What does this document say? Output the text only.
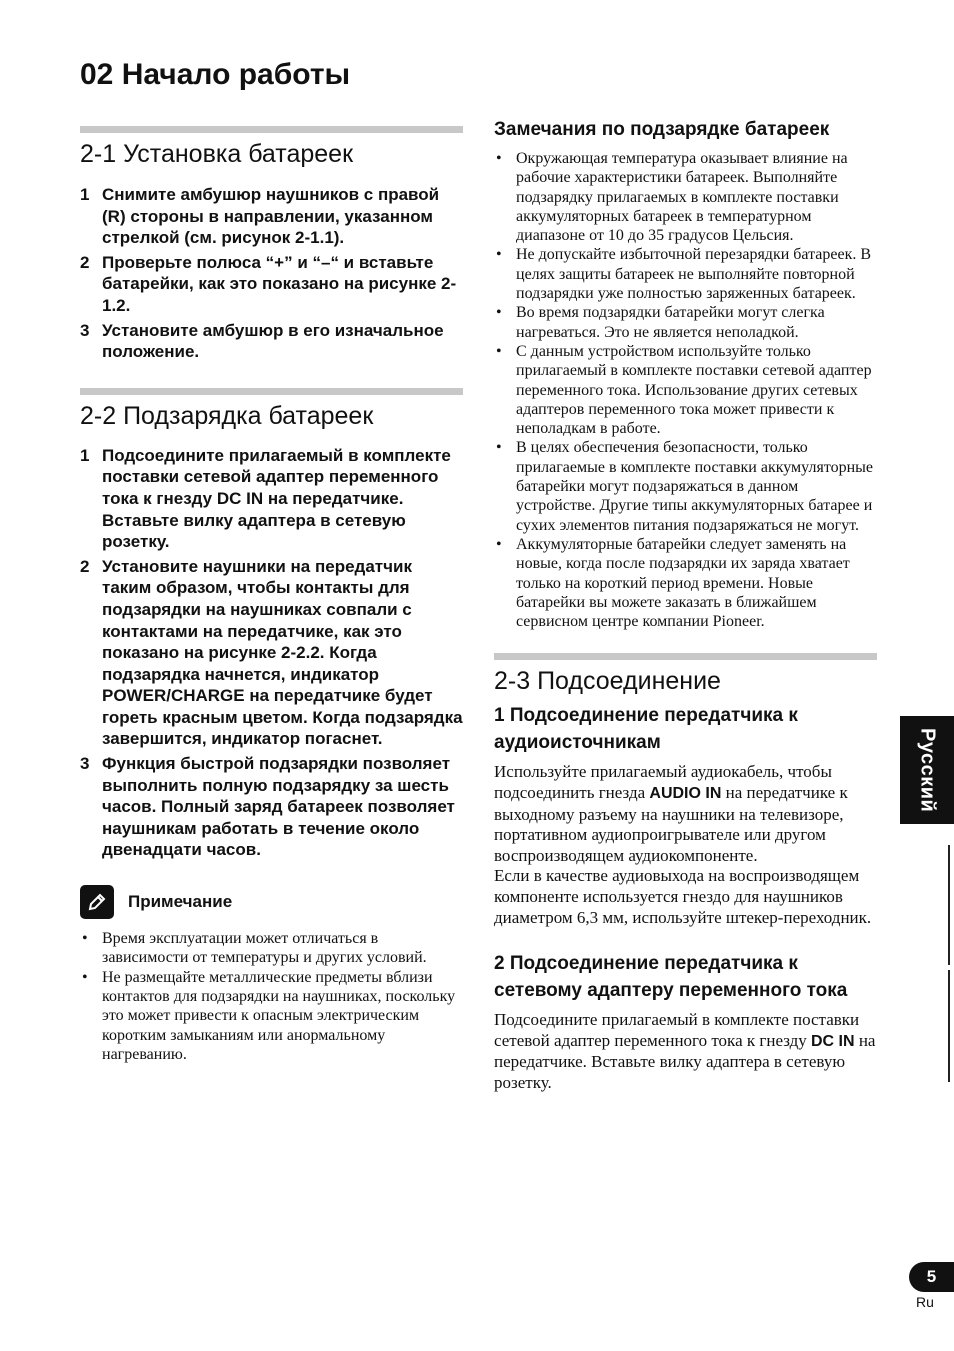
02 Начало работы
2-1 Установка батареек
1 Снимите амбушюр наушников с правой (R) стороны в направлении, указанном стрелкой (см. рисунок 2-1.1).
2 Проверьте полюса “+” и “–“ и вставьте батарейки, как это показано на рисунке 2-1.2.
3 Установите амбушюр в его изначальное положение.
2-2 Подзарядка батареек
1 Подсоедините прилагаемый в комплекте поставки сетевой адаптер переменного тока к гнезду DC IN на передатчике.
Вставьте вилку адаптера в сетевую розетку.
2 Установите наушники на передатчик таким образом, чтобы контакты для подзарядки на наушниках совпали с контактами на передатчике, как это показано на рисунке 2-2.2. Когда подзарядка начнется, индикатор POWER/CHARGE на передатчике будет гореть красным цветом. Когда подзарядка завершится, индикатор погаснет.
3 Функция быстрой подзарядки позволяет выполнить полную подзарядку за шесть часов. Полный заряд батареек позволяет наушникам работать в течение около двенадцати часов.
Примечание
• Время эксплуатации может отличаться в зависимости от температуры и других условий.
• Не размещайте металлические предметы вблизи контактов для подзарядки на наушниках, поскольку это может привести к опасным электрическим коротким замыканиям или анормальному нагреванию.
Замечания по подзарядке батареек
• Окружающая температура оказывает влияние на рабочие характеристики батареек. Выполняйте подзарядку прилагаемых в комплекте поставки аккумуляторных батареек в температурном диапазоне от 10 до 35 градусов Цельсия.
• Не допускайте избыточной перезарядки батареек. В целях защиты батареек не выполняйте повторной подзарядки уже полностью заряженных батареек.
• Во время подзарядки батарейки могут слегка нагреваться. Это не является неполадкой.
• С данным устройством используйте только прилагаемый в комплекте поставки сетевой адаптер переменного тока. Использование других сетевых адаптеров переменного тока может привести к неполадкам в работе.
• В целях обеспечения безопасности, только прилагаемые в комплекте поставки аккумуляторные батарейки могут подзаряжаться в данном устройстве. Другие типы аккумуляторных батарее и сухих элементов питания подзаряжаться не могут.
• Аккумуляторные батарейки следует заменять на новые, когда после подзарядки их заряда хватает только на короткий период времени. Новые батарейки вы можете заказать в ближайшем сервисном центре компании Pioneer.
2-3 Подсоединение
1 Подсоединение передатчика к аудиоисточникам

Используйте прилагаемый аудиокабель, чтобы подсоединить гнезда AUDIO IN на передатчике к выходному разъему на наушники на телевизоре, портативном аудиопроигрывателе или другом воспроизводящем аудиокомпоненте.

Если в качестве аудиовыхода на воспроизводящем компоненте используется гнездо для наушников диаметром 6,3 мм, используйте штекер-переходник.

2 Подсоединение передатчика к сетевому адаптеру переменного тока

Подсоедините прилагаемый в комплекте поставки сетевой адаптер переменного тока к гнезду DC IN на передатчике. Вставьте вилку адаптера в сетевую розетку.

Русский
5
Ru
